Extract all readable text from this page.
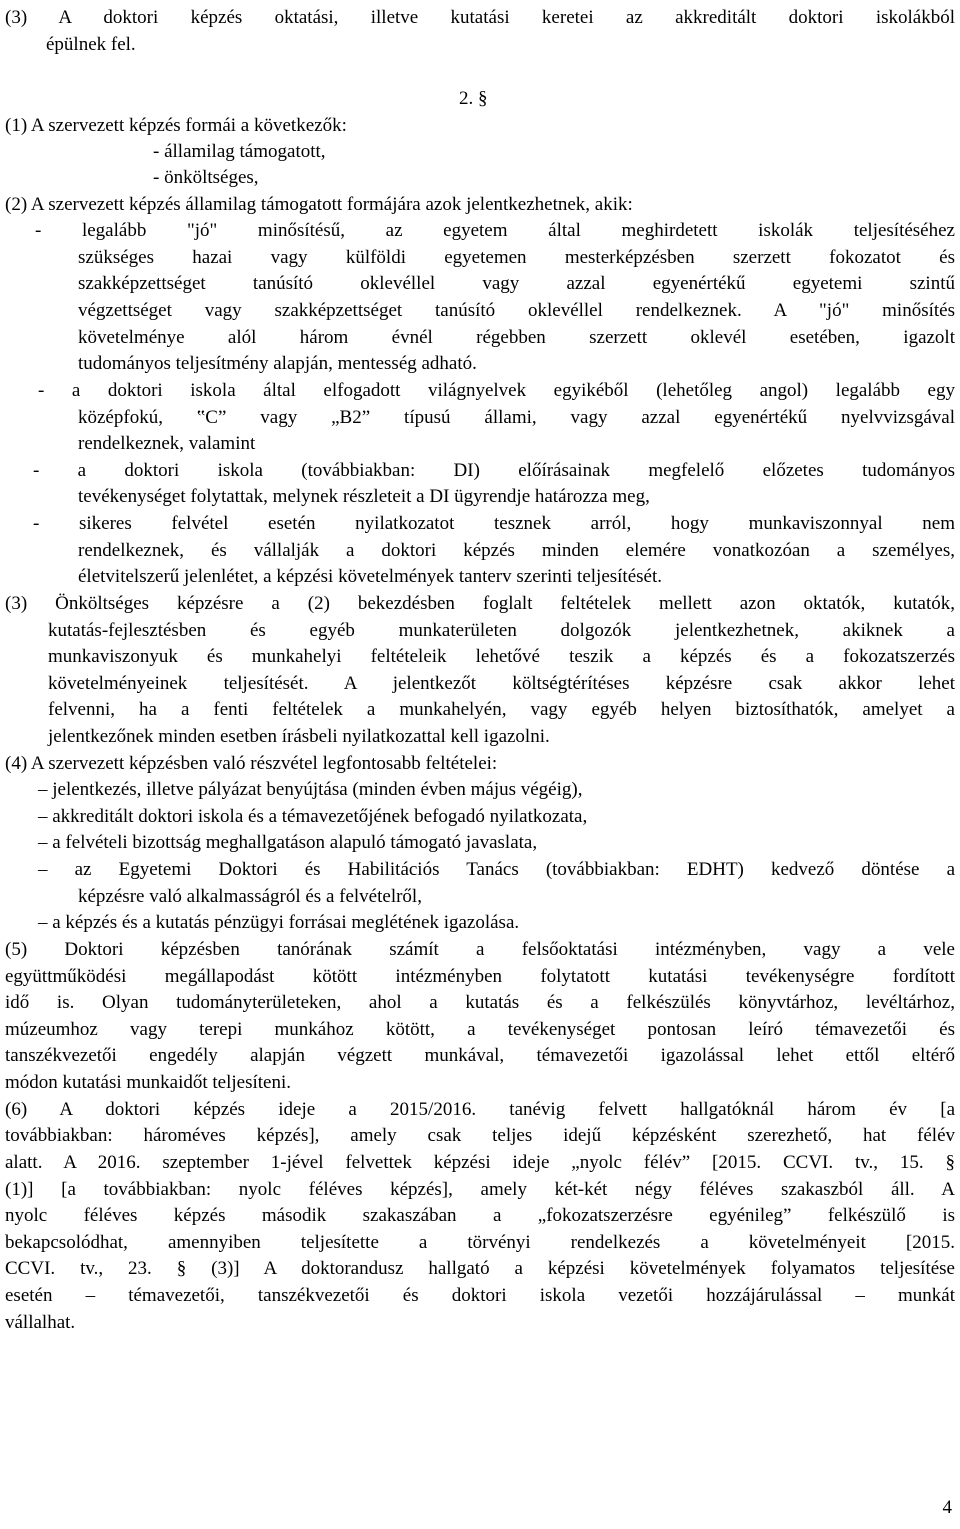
(3) A doktori képzés oktatási, illetve kutatási keretei az akkreditált doktori iskolákból
épülnek fel.
2. §
(1) A szervezett képzés formái a következők:
- államilag támogatott,
- önköltséges,
(2) A szervezett képzés államilag támogatott formájára azok jelentkezhetnek, akik:
- legalább "jó" minősítésű, az egyetem által meghirdetett iskolák teljesítéséhez
szükséges hazai vagy külföldi egyetemen mesterképzésben szerzett fokozatot és
szakképzettséget tanúsító oklevéllel vagy azzal egyenértékű egyetemi szintű
végzettséget vagy szakképzettséget tanúsító oklevéllel rendelkeznek. A "jó" minősítés
követelménye alól három évnél régebben szerzett oklevél esetében, igazolt
tudományos teljesítmény alapján, mentesség adható.
- a doktori iskola által elfogadott világnyelvek egyikéből (lehetőleg angol) legalább egy
középfokú, ‟C” vagy „B2” típusú állami, vagy azzal egyenértékű nyelvvizsgával
rendelkeznek, valamint
- a doktori iskola (továbbiakban: DI) előírásainak megfelelő előzetes tudományos
tevékenységet folytattak, melynek részleteit a DI ügyrendje határozza meg,
- sikeres felvétel esetén nyilatkozatot tesznek arról, hogy munkaviszonnyal nem
rendelkeznek, és vállalják a doktori képzés minden elemére vonatkozóan a személyes,
életvitelszerű jelenlétet, a képzési követelmények tanterv szerinti teljesítését.
(3) Önköltséges képzésre a (2) bekezdésben foglalt feltételek mellett azon oktatók, kutatók,
kutatás-fejlesztésben és egyéb munkaterületen dolgozók jelentkezhetnek, akiknek a
munkaviszonyuk és munkahelyi feltételeik lehetővé teszik a képzés és a fokozatszerzés
követelményeinek teljesítését. A jelentkezőt költségtérítéses képzésre csak akkor lehet
felvenni, ha a fenti feltételek a munkahelyén, vagy egyéb helyen biztosíthatók, amelyet a
jelentkezőnek minden esetben írásbeli nyilatkozattal kell igazolni.
(4) A szervezett képzésben való részvétel legfontosabb feltételei:
– jelentkezés, illetve pályázat benyújtása (minden évben május végéig),
– akkreditált doktori iskola és a témavezetőjének befogadó nyilatkozata,
– a felvételi bizottság meghallgatáson alapuló támogató javaslata,
– az Egyetemi Doktori és Habilitációs Tanács (továbbiakban: EDHT) kedvező döntése a
képzésre való alkalmasságról és a felvételről,
– a képzés és a kutatás pénzügyi forrásai meglétének igazolása.
(5) Doktori képzésben tanórának számít a felsőoktatási intézményben, vagy a vele
együttműködési megállapodást kötött intézményben folytatott kutatási tevékenységre fordított
idő is. Olyan tudományterületeken, ahol a kutatás és a felkészülés könyvtárhoz, levéltárhoz,
múzeumhoz vagy terepi munkához kötött, a tevékenységet pontosan leíró témavezetői és
tanszékvezetői engedély alapján végzett munkával, témavezetői igazolással lehet ettől eltérő
módon kutatási munkaidőt teljesíteni.
(6) A doktori képzés ideje a 2015/2016. tanévig felvett hallgatóknál három év [a
továbbiakban: hároméves képzés], amely csak teljes idejű képzésként szerezhető, hat félév
alatt. A 2016. szeptember 1-jével felvettek képzési ideje „nyolc félév” [2015. CCVI. tv., 15. §
(1)] [a továbbiakban: nyolc féléves képzés], amely két-két négy féléves szakaszból áll. A
nyolc féléves képzés második szakaszában a „fokozatszerzésre egyénileg” felkészülő is
bekapcsolódhat, amennyiben teljesítette a törvényi rendelkezés a követelményeit [2015.
CCVI. tv., 23. § (3)] A doktorandusz hallgató a képzési követelmények folyamatos teljesítése
esetén – témavezetői, tanszékvezetői és doktori iskola vezetői hozzájárulással – munkát
vállalhat.
4
